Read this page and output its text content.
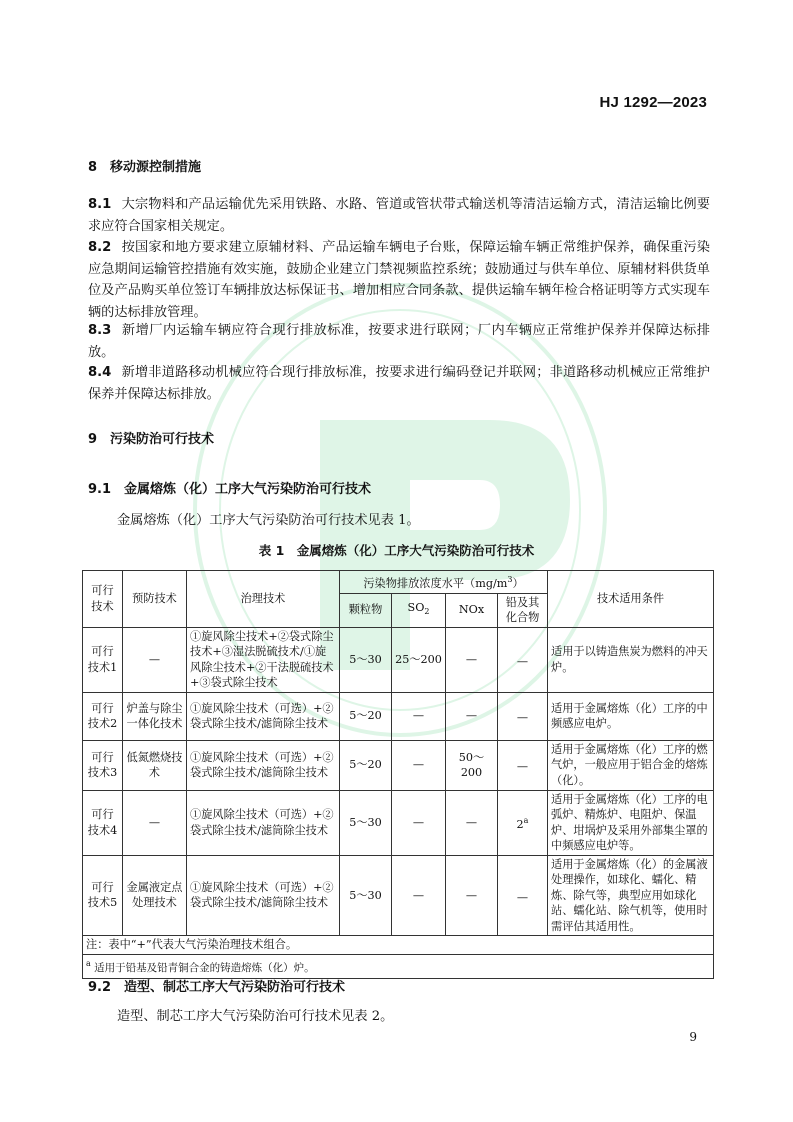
HJ 1292—2023
8　移动源控制措施

8.1 大宗物料和产品运输优先采用铁路、水路、管道或管状带式输送机等清洁运输方式，清洁运输比例要求应符合国家相关规定。

8.2 按国家和地方要求建立原辅材料、产品运输车辆电子台账，保障运输车辆正常维护保养，确保重污染应急期间运输管控措施有效实施，鼓励企业建立门禁视频监控系统；鼓励通过与供车单位、原辅材料供货单位及产品购买单位签订车辆排放达标保证书、增加相应合同条款、提供运输车辆年检合格证明等方式实现车辆的达标排放管理。

8.3 新增厂内运输车辆应符合现行排放标准，按要求进行联网；厂内车辆应正常维护保养并保障达标排放。

8.4 新增非道路移动机械应符合现行排放标准，按要求进行编码登记并联网；非道路移动机械应正常维护保养并保障达标排放。

9　污染防治可行技术
9.1　金属熔炼（化）工序大气污染防治可行技术
金属熔炼（化）工序大气污染防治可行技术见表 1。
表 1　金属熔炼（化）工序大气污染防治可行技术
可行技术	预防技术	治理技术	污染物排放浓度水平$(mg/m^3)$				技术适用条件
			颗粒物	$SO_2$	NOx	铅及其化合物	
可行技术1	—	①旋风除尘技术+②袋式除尘技术+③湿法脱硫技术/①旋风除尘技术+②干法脱硫技术+③袋式除尘技术	5～30	25～200	—	—	适用于以铸造焦炭为燃料的冲天炉。
可行技术2	炉盖与除尘一体化技术	①旋风除尘技术（可选）+②袋式除尘技术/滤筒除尘技术	5～20	—	—	—	适用于金属熔炼（化）工序的中频感应电炉。
可行技术3	低氮燃烧技术	①旋风除尘技术（可选）+②袋式除尘技术/滤筒除尘技术	5～20	—	50～200	—	适用于金属熔炼（化）工序的燃气炉，一般应用于铝合金的熔炼（化）。
可行技术4	—	①旋风除尘技术（可选）+②袋式除尘技术/滤筒除尘技术	5～30	—	—	2$^a$	适用于金属熔炼（化）工序的电弧炉、精炼炉、电阻炉、保温炉、坩埚炉及采用外部集尘罩的中频感应电炉等。
可行技术5	金属液定点处理技术	①旋风除尘技术（可选）+②袋式除尘技术/滤筒除尘技术	5～30	—	—	—	适用于金属熔炼（化）的金属液处理操作，如球化、蠕化、精炼、除气等，典型应用如球化站、蠕化站、除气机等，使用时需评估其适用性。
注：表中“+”代表大气污染治理技术组合。							
$^a$ 适用于铅基及铅青铜合金的铸造熔炼（化）炉。							
9.2　造型、制芯工序大气污染防治可行技术
造型、制芯工序大气污染防治可行技术见表 2。
9
